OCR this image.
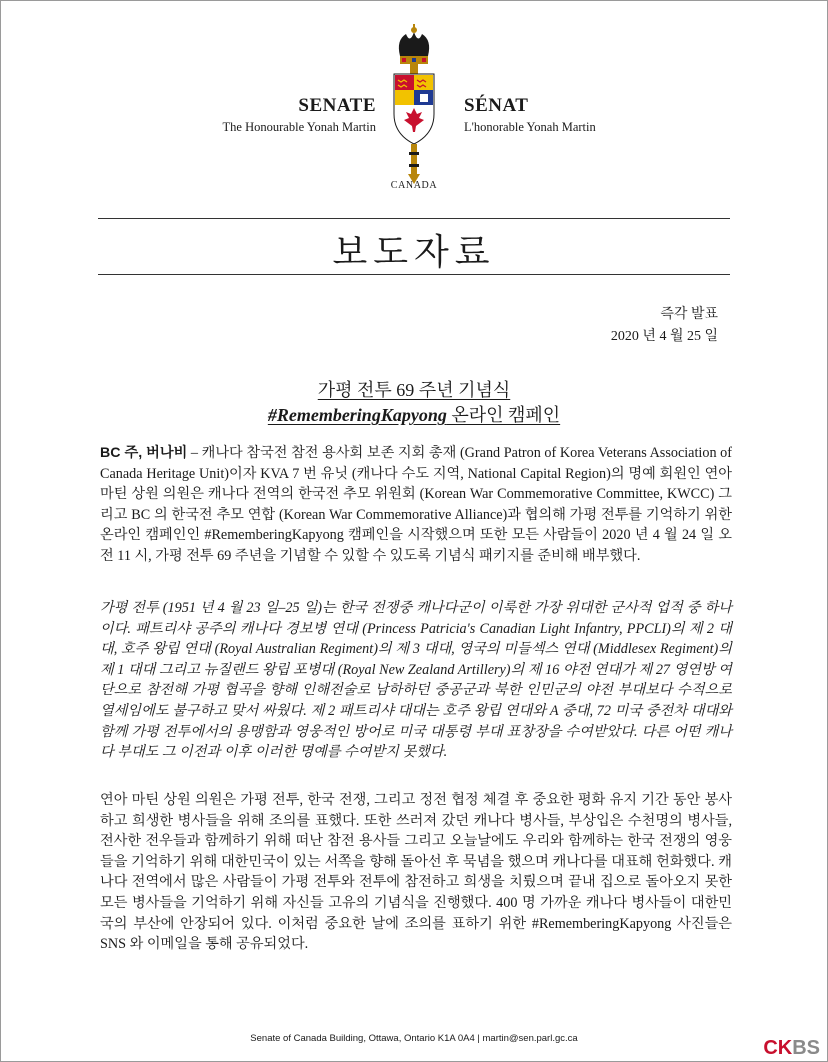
SENATE
The Honourable Yonah Martin
SÉNAT
L'honorable Yonah Martin
CANADA
보도자료
즉각 발표
2020 년 4 월 25 일
가평 전투 69 주년 기념식
#RememberingKapyong 온라인 캠페인
BC 주, 버나비 – 캐나다 참국전 참전 용사회 보존 지회 총재 (Grand Patron of Korea Veterans Association of Canada Heritage Unit)이자 KVA 7 번 유닛 (캐나다 수도 지역, National Capital Region)의 명예 회원인 연아 마틴 상원 의원은 캐나다 전역의 한국전 추모 위원회 (Korean War Commemorative Committee, KWCC) 그리고 BC 의 한국전 추모 연합 (Korean War Commemorative Alliance)과 협의해 가평 전투를 기억하기 위한 온라인 캠페인인 #RememberingKapyong 캠페인을 시작했으며 또한 모든 사람들이 2020 년 4 월 24 일 오전 11 시, 가평 전투 69 주년을 기념할 수 있할 수 있도록 기념식 패키지를 준비해 배부했다.
가평 전투 (1951 년 4 월 23 일–25 일)는 한국 전쟁중 캐나다군이 이룩한 가장 위대한 군사적 업적 중 하나이다. 패트리샤 공주의 캐나다 경보병 연대 (Princess Patricia's Canadian Light Infantry, PPCLI)의 제 2 대대, 호주 왕립 연대 (Royal Australian Regiment)의 제 3 대대, 영국의 미들섹스 연대 (Middlesex Regiment)의 제 1 대대 그리고 뉴질랜드 왕립 포병대 (Royal New Zealand Artillery)의 제 16 야전 연대가 제 27 영연방 여단으로 참전해 가평 협곡을 향해 인해전술로 남하하던 중공군과 북한 인민군의 야전 부대보다 수적으로 열세임에도 불구하고 맞서 싸웠다. 제 2 패트리샤 대대는 호주 왕립 연대와 A 중대, 72 미국 중전차 대대와 함께 가평 전투에서의 용맹함과 영웅적인 방어로 미국 대통령 부대 표창장을 수여받았다. 다른 어떤 캐나다 부대도 그 이전과 이후 이러한 명예를 수여받지 못했다.
연아 마틴 상원 의원은 가평 전투, 한국 전쟁, 그리고 정전 협정 체결 후 중요한 평화 유지 기간 동안 봉사하고 희생한 병사들을 위해 조의를 표했다. 또한 쓰러져 갔던 캐나다 병사들, 부상입은 수천명의 병사들, 전사한 전우들과 함께하기 위해 떠난 참전 용사들 그리고 오늘날에도 우리와 함께하는 한국 전쟁의 영웅들을 기억하기 위해 대한민국이 있는 서쪽을 향해 돌아선 후 묵념을 했으며 캐나다를 대표해 헌화했다. 캐나다 전역에서 많은 사람들이 가평 전투와 전투에 참전하고 희생을 치뤘으며 끝내 집으로 돌아오지 못한 모든 병사들을 기억하기 위해 자신들 고유의 기념식을 진행했다. 400 명 가까운 캐나다 병사들이 대한민국의 부산에 안장되어 있다. 이처럼 중요한 날에 조의를 표하기 위한 #RememberingKapyong 사진들은 SNS 와 이메일을 통해 공유되었다.
Senate of Canada Building, Ottawa, Ontario K1A 0A4 | martin@sen.parl.gc.ca	CKBS
